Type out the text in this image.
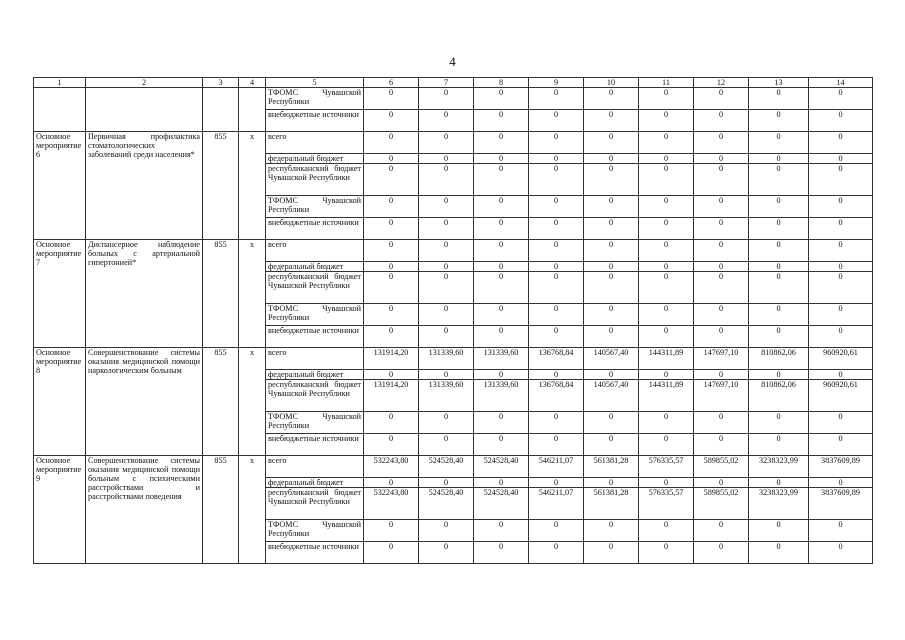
4
1	2	3	4	5	6	7	8	9	10	11	12	13	14
				ТФОМС Чувашской Республики	0	0	0	0	0	0	0	0	0
				внебюджетные источники	0	0	0	0	0	0	0	0	0
Основное мероприятие 6	Первичная профилактика стоматологических заболеваний среди населения*	855	x	всего	0	0	0	0	0	0	0	0	0
				федеральный бюджет	0	0	0	0	0	0	0	0	0
				республиканский бюджет Чувашской Республики	0	0	0	0	0	0	0	0	0
				ТФОМС Чувашской Республики	0	0	0	0	0	0	0	0	0
				внебюджетные источники	0	0	0	0	0	0	0	0	0
Основное мероприятие 7	Диспансерное наблюдение больных с артериальной гипертонией*	855	x	всего	0	0	0	0	0	0	0	0	0
				федеральный бюджет	0	0	0	0	0	0	0	0	0
				республиканский бюджет Чувашской Республики	0	0	0	0	0	0	0	0	0
				ТФОМС Чувашской Республики	0	0	0	0	0	0	0	0	0
				внебюджетные источники	0	0	0	0	0	0	0	0	0
Основное мероприятие 8	Совершенствование системы оказания медицинской помощи наркологическим больным	855	x	всего	131914,20	131339,60	131339,60	136768,84	140567,40	144311,89	147697,10	810862,06	960920,61
				федеральный бюджет	0	0	0	0	0	0	0	0	0
				республиканский бюджет Чувашской Республики	131914,20	131339,60	131339,60	136768,84	140567,40	144311,89	147697,10	810862,06	960920,61
				ТФОМС Чувашской Республики	0	0	0	0	0	0	0	0	0
				внебюджетные источники	0	0	0	0	0	0	0	0	0
Основное мероприятие 9	Совершенствование системы оказания медицинской помощи больным с психическими расстройствами и расстройствами поведения	855	x	всего	532243,80	524528,40	524528,40	546211,07	561381,28	576335,57	589855,02	3238323,99	3837609,89
				федеральный бюджет	0	0	0	0	0	0	0	0	0
				республиканский бюджет Чувашской Республики	532243,80	524528,40	524528,40	546211,07	561381,28	576335,57	589855,02	3238323,99	3837609,89
				ТФОМС Чувашской Республики	0	0	0	0	0	0	0	0	0
				внебюджетные источники	0	0	0	0	0	0	0	0	0
